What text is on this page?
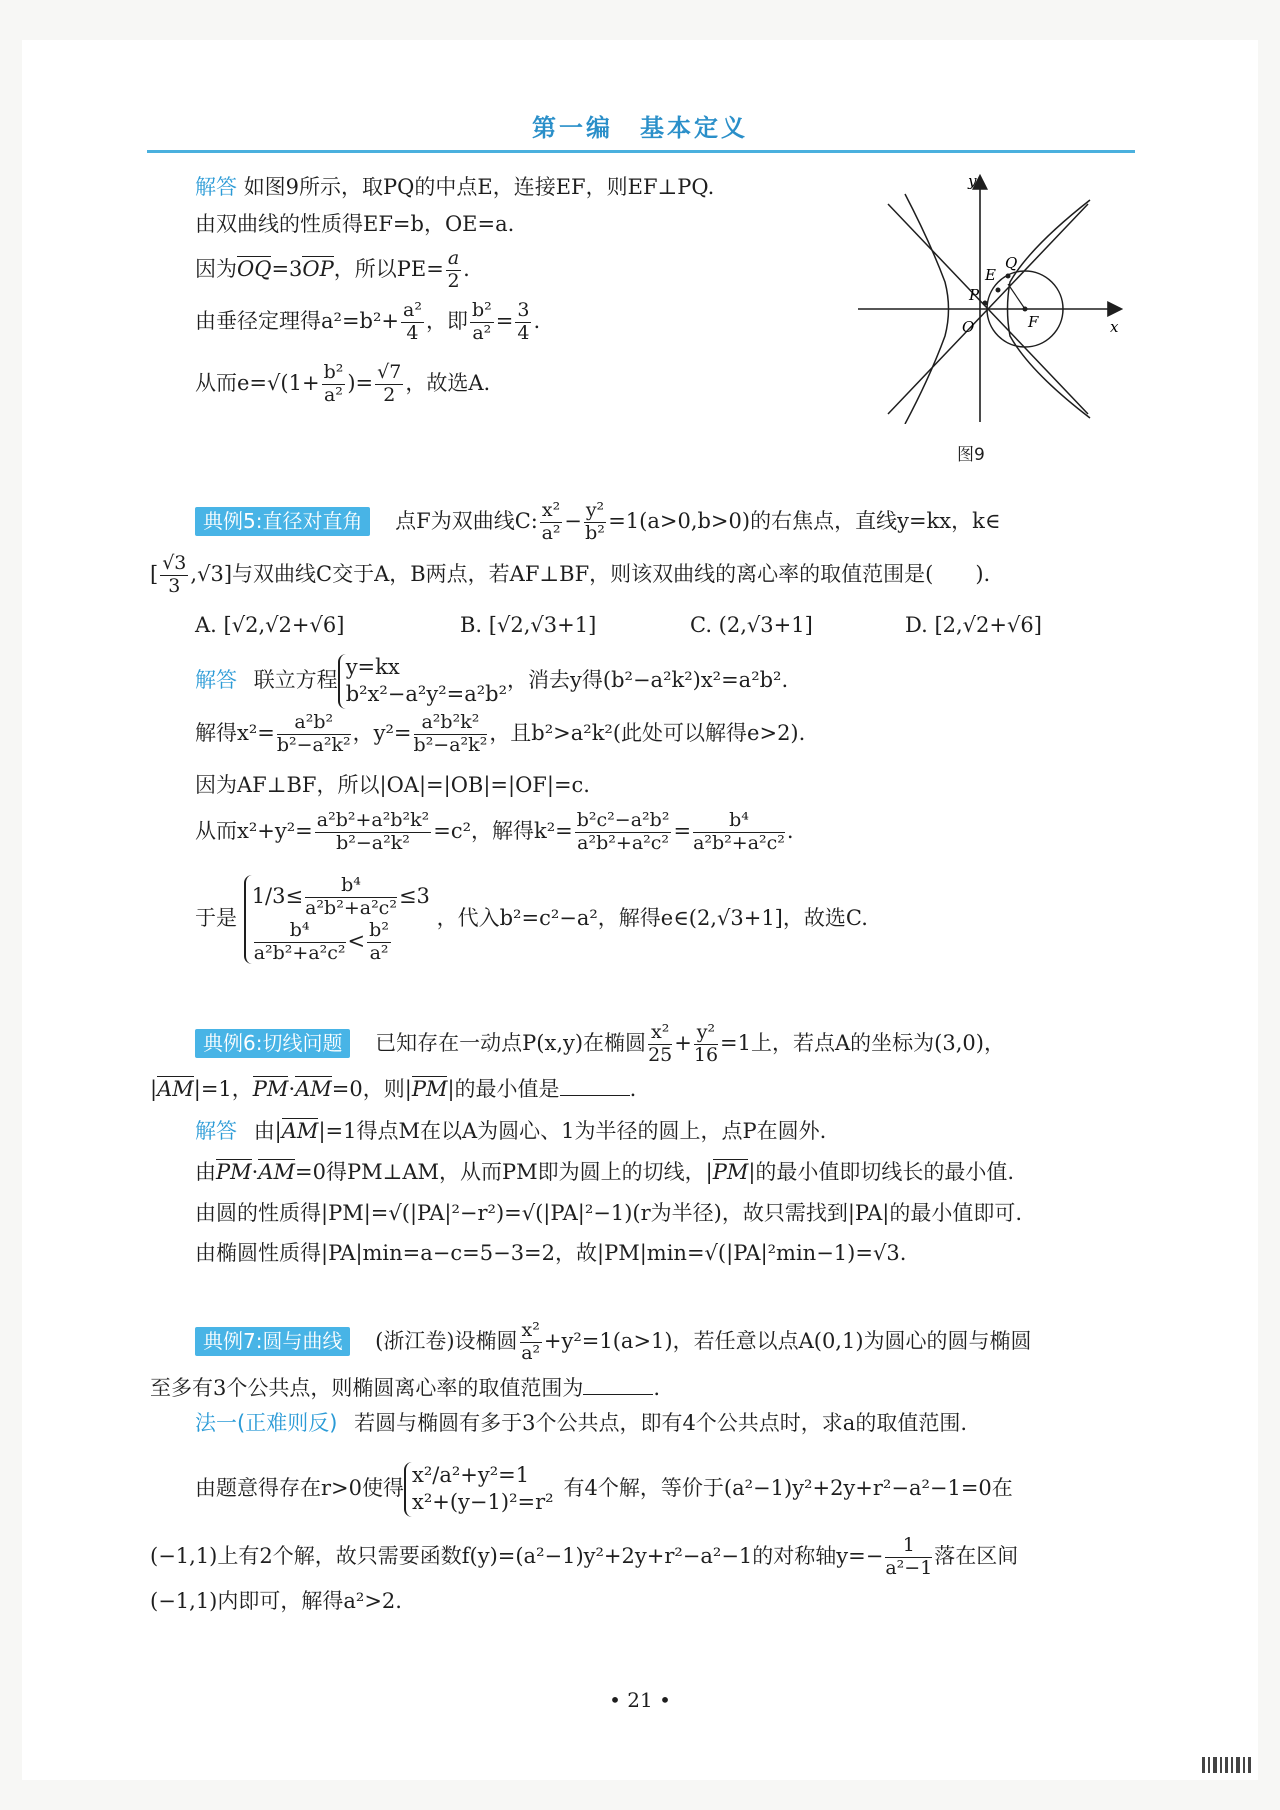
第一编　基本定义
解答 如图9所示，取PQ的中点E，连接EF，则EF⊥PQ.
由双曲线的性质得EF=b，OE=a.
因为OQ=3OP，所以$PE= \frac{a}{2}$ .
由垂径定理得$a^2=b^2+ \frac{\text{a²}}{4}$ ，即 $\frac{\text{b²}}{\text{a²}} = \frac{3}{4}$ .
从而$e=√(1+ \frac{\text{b²}}{\text{a²}}$ )= $\frac{√7}{2}$ ，故选A.
y
x
O
E
Q
P
F
图9
典例5:直径对直角 点F为双曲线C: $\frac{\text{x²}}{\text{a²}} - \frac{\text{y²}}{\text{b²}} =1(a>0,b>0)$的右焦点，直线y=kx，k∈
[ $\frac{√3}{3} ,√3$]与双曲线C交于A，B两点，若AF⊥BF，则该双曲线的离心率的取值范围是(　　).
A. [√2,√2+√6]	B. [√2,√3+1]	C. (2,√3+1]	D. [2,√2+√6]
解答 联立方程
y=kx
b²x²−a²y²=a²b²
，消去y得(b²−a²k²)x²=a²b².
解得$x^2= \frac{\text{a²b²}}{\text{b²−a²k²}}$ ，$y^2= \frac{\text{a²b²k²}}{\text{b²−a²k²}}$ ，且b²>a²k²(此处可以解得e>2).
因为AF⊥BF，所以|OA|=|OB|=|OF|=c.
从而$x^2+y^2= \frac{\text{a²b²+a²b²k²}}{\text{b²−a²k²}} =c^2$，解得$k^2= \frac{\text{b²c²−a²b²}}{\text{a²b²+a²c²}} = \frac{\text{b⁴}}{\text{a²b²+a²c²}}$ .
于是
$1/3\le \frac{\text{b⁴}}{\text{a²b²+a²c²}} \le 3$
$\frac{\text{b⁴}}{\text{a²b²+a²c²}} < \frac{\text{b²}}{\text{a²}}$
，代入b²=c²−a²，解得e∈(2,√3+1]，故选C.
典例6:切线问题 已知存在一动点P(x,y)在椭圆 $\frac{\text{x²}}{25} + \frac{\text{y²}}{16} =1$上，若点A的坐标为(3,0)，
|AM|=1，PM·AM=0，则|PM|的最小值是	.
解答 由|AM|=1得点M在以A为圆心、1为半径的圆上，点P在圆外.
由PM·AM=0得PM⊥AM，从而PM即为圆上的切线，|PM|的最小值即切线长的最小值.
由圆的性质得|PM|=√(|PA|²−r²)=√(|PA|²−1)(r为半径)，故只需找到|PA|的最小值即可.
由椭圆性质得|PA|min=a−c=5−3=2，故|PM|min=√(|PA|²min−1)=√3.
典例7:圆与曲线 (浙江卷)设椭圆 $\frac{\text{x²}}{\text{a²}} +y^2=1(a>1)$，若任意以点A(0,1)为圆心的圆与椭圆
至多有3个公共点，则椭圆离心率的取值范围为	.
法一(正难则反) 若圆与椭圆有多于3个公共点，即有4个公共点时，求a的取值范围.
由题意得存在r>0使得
x²/a²+y²=1
x²+(y−1)²=r²
有4个解，等价于(a²−1)y²+2y+r²−a²−1=0在
(−1,1)上有2个解，故只需要函数f(y)=(a²−1)y²+2y+r²−a²−1的对称轴$y=- \frac{1}{\text{a²−1}}$ 落在区间
(−1,1)内即可，解得a²>2.
• 21 •
